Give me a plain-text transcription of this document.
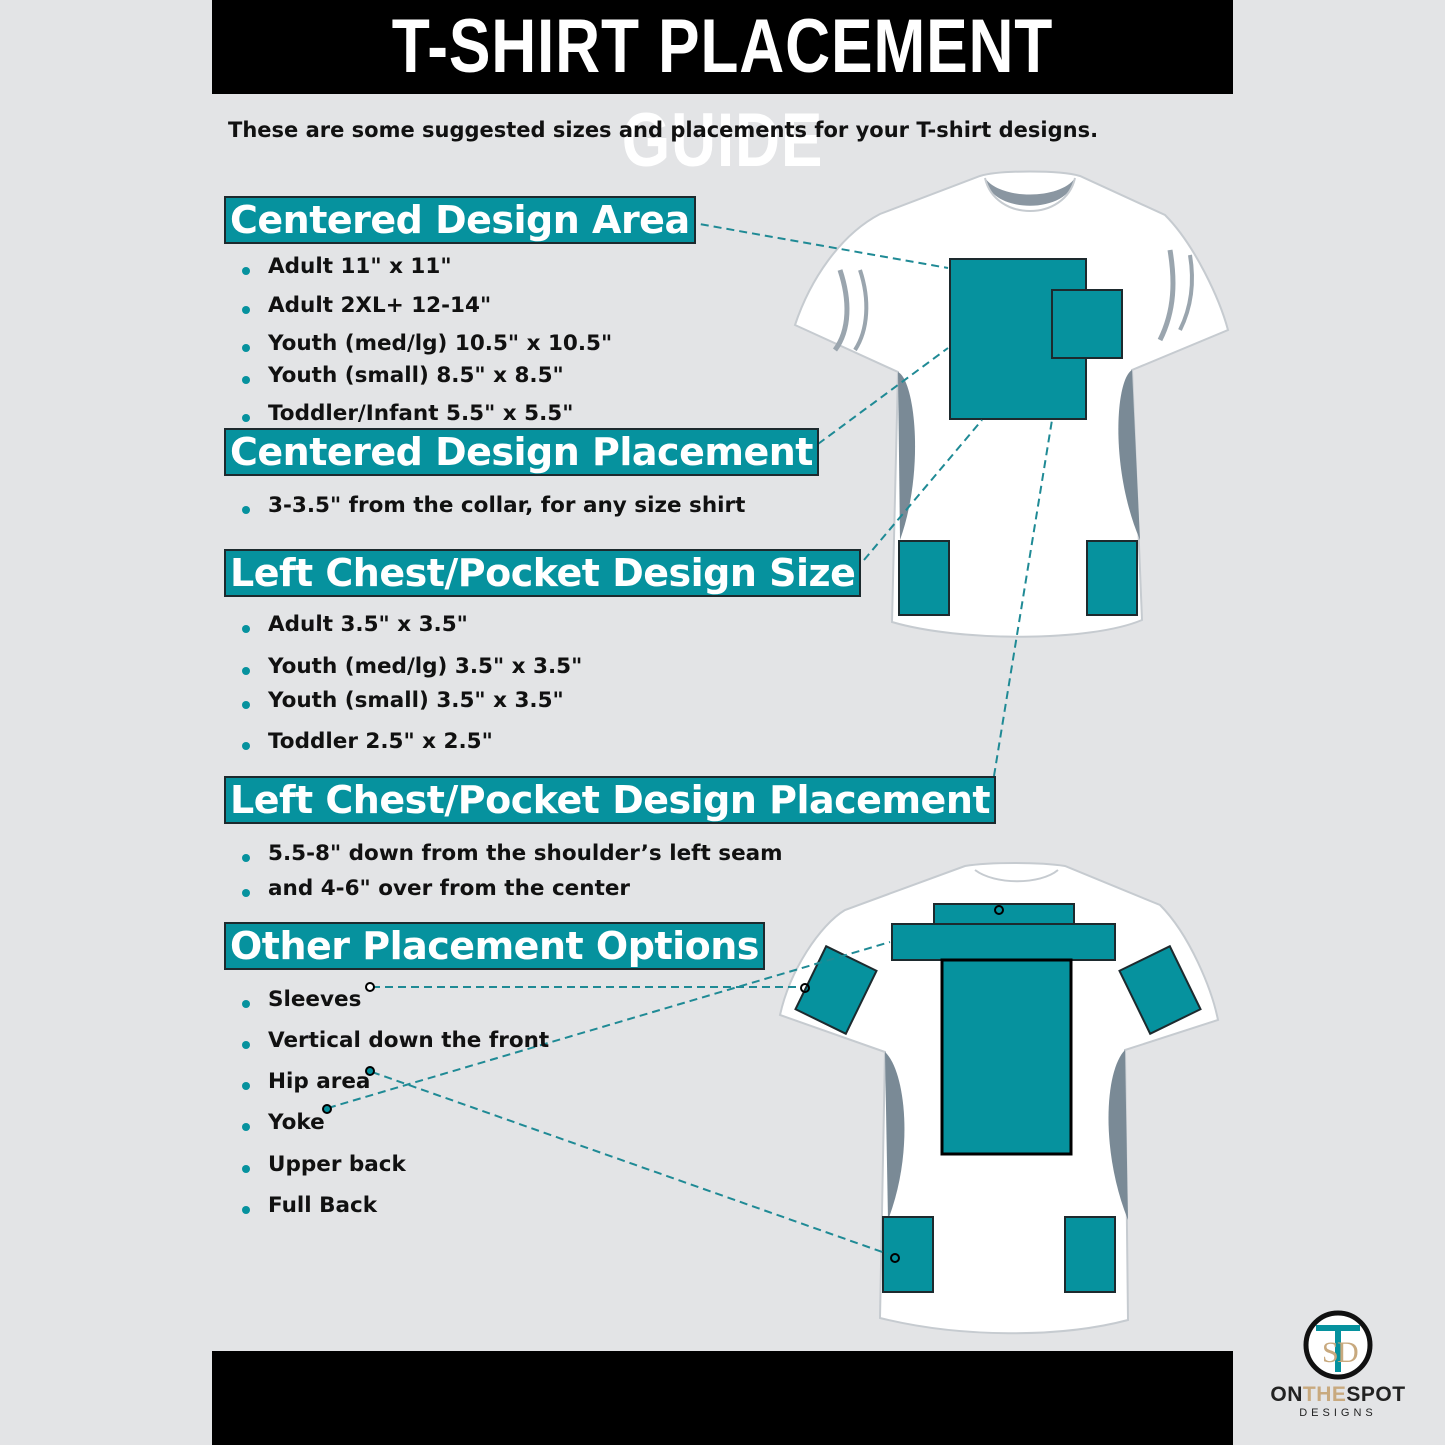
T-SHIRT PLACEMENT GUIDE
These are some suggested sizes and placements for your T-shirt designs.
S
D
Centered Design Area
Adult 11" x 11"
Adult 2XL+ 12-14"
Youth (med/lg) 10.5" x 10.5"
Youth (small) 8.5" x 8.5"
Toddler/Infant 5.5" x 5.5"
Centered Design Placement
3-3.5" from the collar, for any size shirt
Left Chest/Pocket Design Size
Adult 3.5" x 3.5"
Youth (med/lg) 3.5" x 3.5"
Youth (small) 3.5" x 3.5"
Toddler 2.5" x 2.5"
Left Chest/Pocket Design Placement
5.5-8" down from the shoulder’s left seam
and 4-6" over from the center
Other Placement Options
Sleeves
Vertical down the front
Hip area
Yoke
Upper back
Full Back
ONTHESPOT
DESIGNS
